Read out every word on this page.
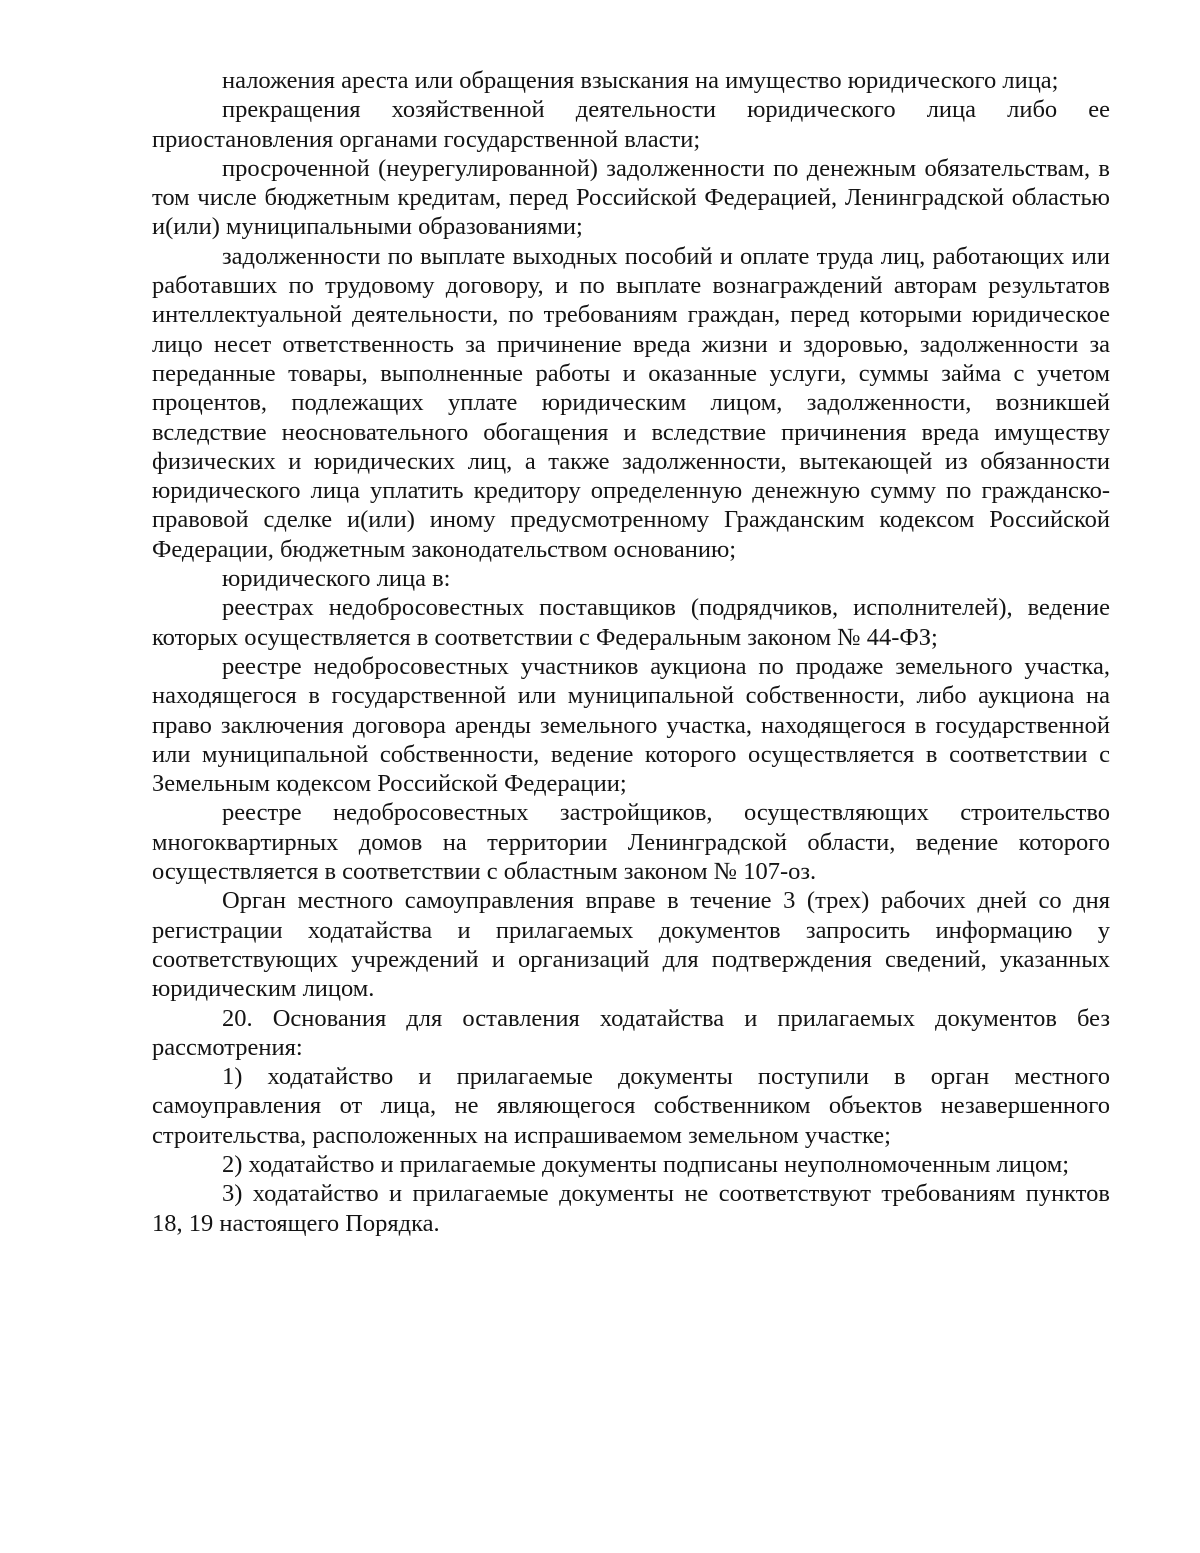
наложения ареста или обращения взыскания на имущество юридического лица;

прекращения хозяйственной деятельности юридического лица либо ее приостановления органами государственной власти;

просроченной (неурегулированной) задолженности по денежным обязательствам, в том числе бюджетным кредитам, перед Российской Федерацией, Ленинградской областью и(или) муниципальными образованиями;

задолженности по выплате выходных пособий и оплате труда лиц, работающих или работавших по трудовому договору, и по выплате вознаграждений авторам результатов интеллектуальной деятельности, по требованиям граждан, перед которыми юридическое лицо несет ответственность за причинение вреда жизни и здоровью, задолженности за переданные товары, выполненные работы и оказанные услуги, суммы займа с учетом процентов, подлежащих уплате юридическим лицом, задолженности, возникшей вследствие неосновательного обогащения и вследствие причинения вреда имуществу физических и юридических лиц, а также задолженности, вытекающей из обязанности юридического лица уплатить кредитору определенную денежную сумму по гражданско-правовой сделке и(или) иному предусмотренному Гражданским кодексом Российской Федерации, бюджетным законодательством основанию;

юридического лица в:

реестрах недобросовестных поставщиков (подрядчиков, исполнителей), ведение которых осуществляется в соответствии с Федеральным законом № 44-ФЗ;

реестре недобросовестных участников аукциона по продаже земельного участка, находящегося в государственной или муниципальной собственности, либо аукциона на право заключения договора аренды земельного участка, находящегося в государственной или муниципальной собственности, ведение которого осуществляется в соответствии с Земельным кодексом Российской Федерации;

реестре недобросовестных застройщиков, осуществляющих строительство многоквартирных домов на территории Ленинградской области, ведение которого осуществляется в соответствии с областным законом № 107-оз.

Орган местного самоуправления вправе в течение 3 (трех) рабочих дней со дня регистрации ходатайства и прилагаемых документов запросить информацию у соответствующих учреждений и организаций для подтверждения сведений, указанных юридическим лицом.

20. Основания для оставления ходатайства и прилагаемых документов без рассмотрения:

1) ходатайство и прилагаемые документы поступили в орган местного самоуправления от лица, не являющегося собственником объектов незавершенного строительства, расположенных на испрашиваемом земельном участке;

2) ходатайство и прилагаемые документы подписаны неуполномоченным лицом;

3) ходатайство и прилагаемые документы не соответствуют требованиям пунктов 18, 19 настоящего Порядка.
